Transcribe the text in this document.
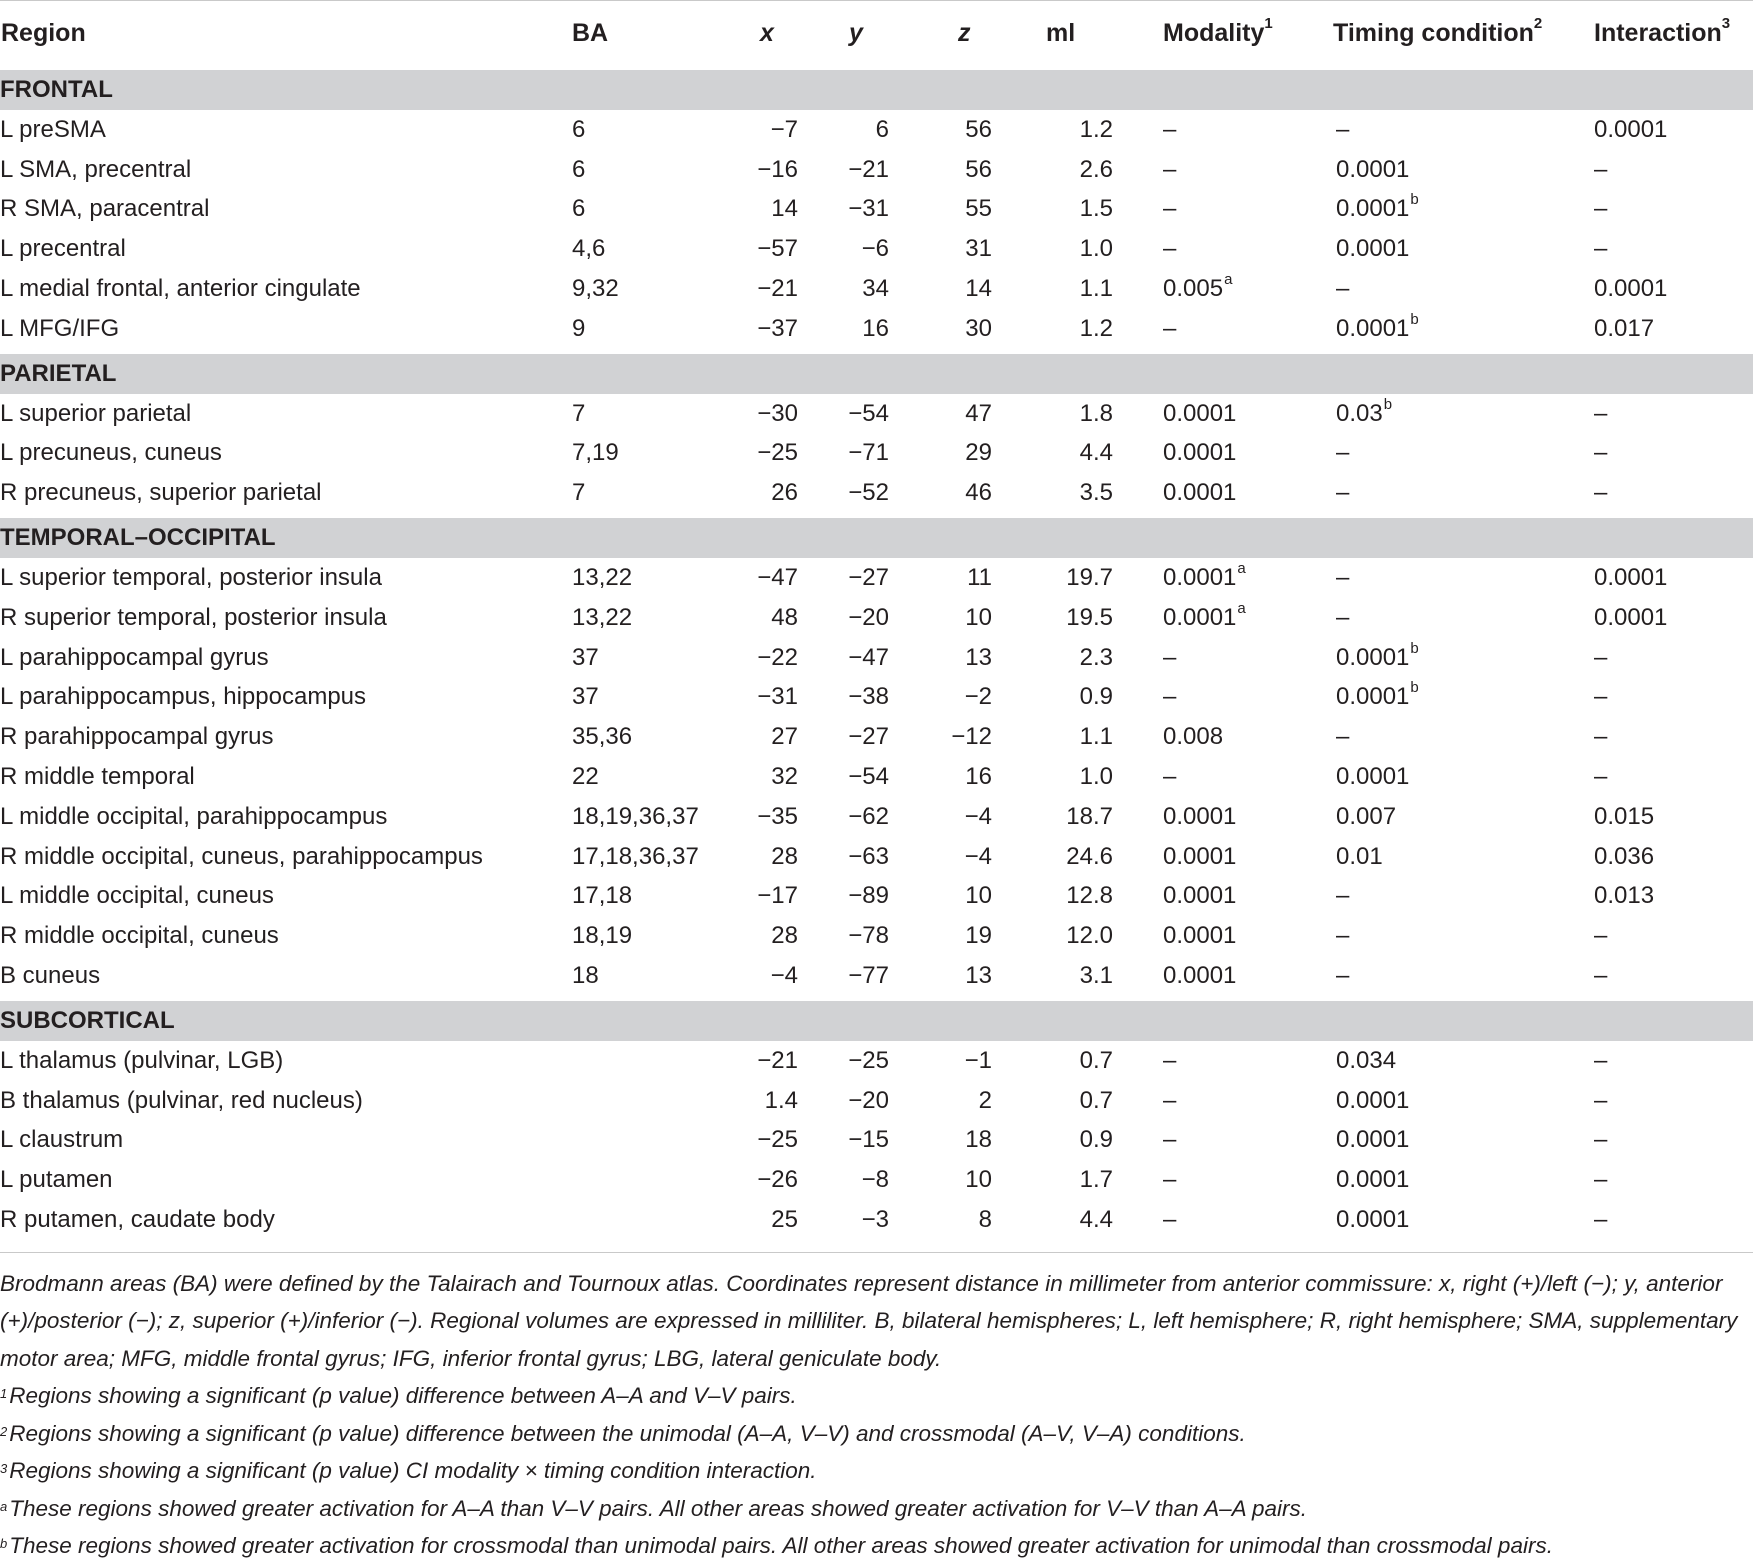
Region	BA	x	y	z	ml	Modality$^1$	Timing condition$^2$	Interaction$^3$

FRONTAL								
L preSMA	6	−7	6	56	1.2	–	–	0.0001
L SMA, precentral	6	−16	−21	56	2.6	–	0.0001	–
R SMA, paracentral	6	14	−31	55	1.5	–	0.0001$^b$	–
L precentral	4,6	−57	−6	31	1.0	–	0.0001	–
L medial frontal, anterior cingulate	9,32	−21	34	14	1.1	0.005$^a$	–	0.0001
L MFG/IFG	9	−37	16	30	1.2	–	0.0001$^b$	0.017

PARIETAL								
L superior parietal	7	−30	−54	47	1.8	0.0001	0.03$^b$	–
L precuneus, cuneus	7,19	−25	−71	29	4.4	0.0001	–	–
R precuneus, superior parietal	7	26	−52	46	3.5	0.0001	–	–

TEMPORAL–OCCIPITAL								
L superior temporal, posterior insula	13,22	−47	−27	11	19.7	0.0001$^a$	–	0.0001
R superior temporal, posterior insula	13,22	48	−20	10	19.5	0.0001$^a$	–	0.0001
L parahippocampal gyrus	37	−22	−47	13	2.3	–	0.0001$^b$	–
L parahippocampus, hippocampus	37	−31	−38	−2	0.9	–	0.0001$^b$	–
R parahippocampal gyrus	35,36	27	−27	−12	1.1	0.008	–	–
R middle temporal	22	32	−54	16	1.0	–	0.0001	–
L middle occipital, parahippocampus	18,19,36,37	−35	−62	−4	18.7	0.0001	0.007	0.015
R middle occipital, cuneus, parahippocampus	17,18,36,37	28	−63	−4	24.6	0.0001	0.01	0.036
L middle occipital, cuneus	17,18	−17	−89	10	12.8	0.0001	–	0.013
R middle occipital, cuneus	18,19	28	−78	19	12.0	0.0001	–	–
B cuneus	18	−4	−77	13	3.1	0.0001	–	–

SUBCORTICAL								
L thalamus (pulvinar, LGB)		−21	−25	−1	0.7	–	0.034	–
B thalamus (pulvinar, red nucleus)		1.4	−20	2	0.7	–	0.0001	–
L claustrum		−25	−15	18	0.9	–	0.0001	–
L putamen		−26	−8	10	1.7	–	0.0001	–
R putamen, caudate body		25	−3	8	4.4	–	0.0001	–

Brodmann areas (BA) were defined by the Talairach and Tournoux atlas. Coordinates represent distance in millimeter from anterior commissure: x, right (+)/left (−); y, anterior (+)/posterior (−); z, superior (+)/inferior (−). Regional volumes are expressed in milliliter. B, bilateral hemispheres; L, left hemisphere; R, right hemisphere; SMA, supplementary motor area; MFG, middle frontal gyrus; IFG, inferior frontal gyrus; LBG, lateral geniculate body.

$^1$Regions showing a significant (p value) difference between A–A and V–V pairs.

$^2$Regions showing a significant (p value) difference between the unimodal (A–A, V–V) and crossmodal (A–V, V–A) conditions.

$^3$Regions showing a significant (p value) CI modality × timing condition interaction.

$^a$These regions showed greater activation for A–A than V–V pairs. All other areas showed greater activation for V–V than A–A pairs.

$^b$These regions showed greater activation for crossmodal than unimodal pairs. All other areas showed greater activation for unimodal than crossmodal pairs.
